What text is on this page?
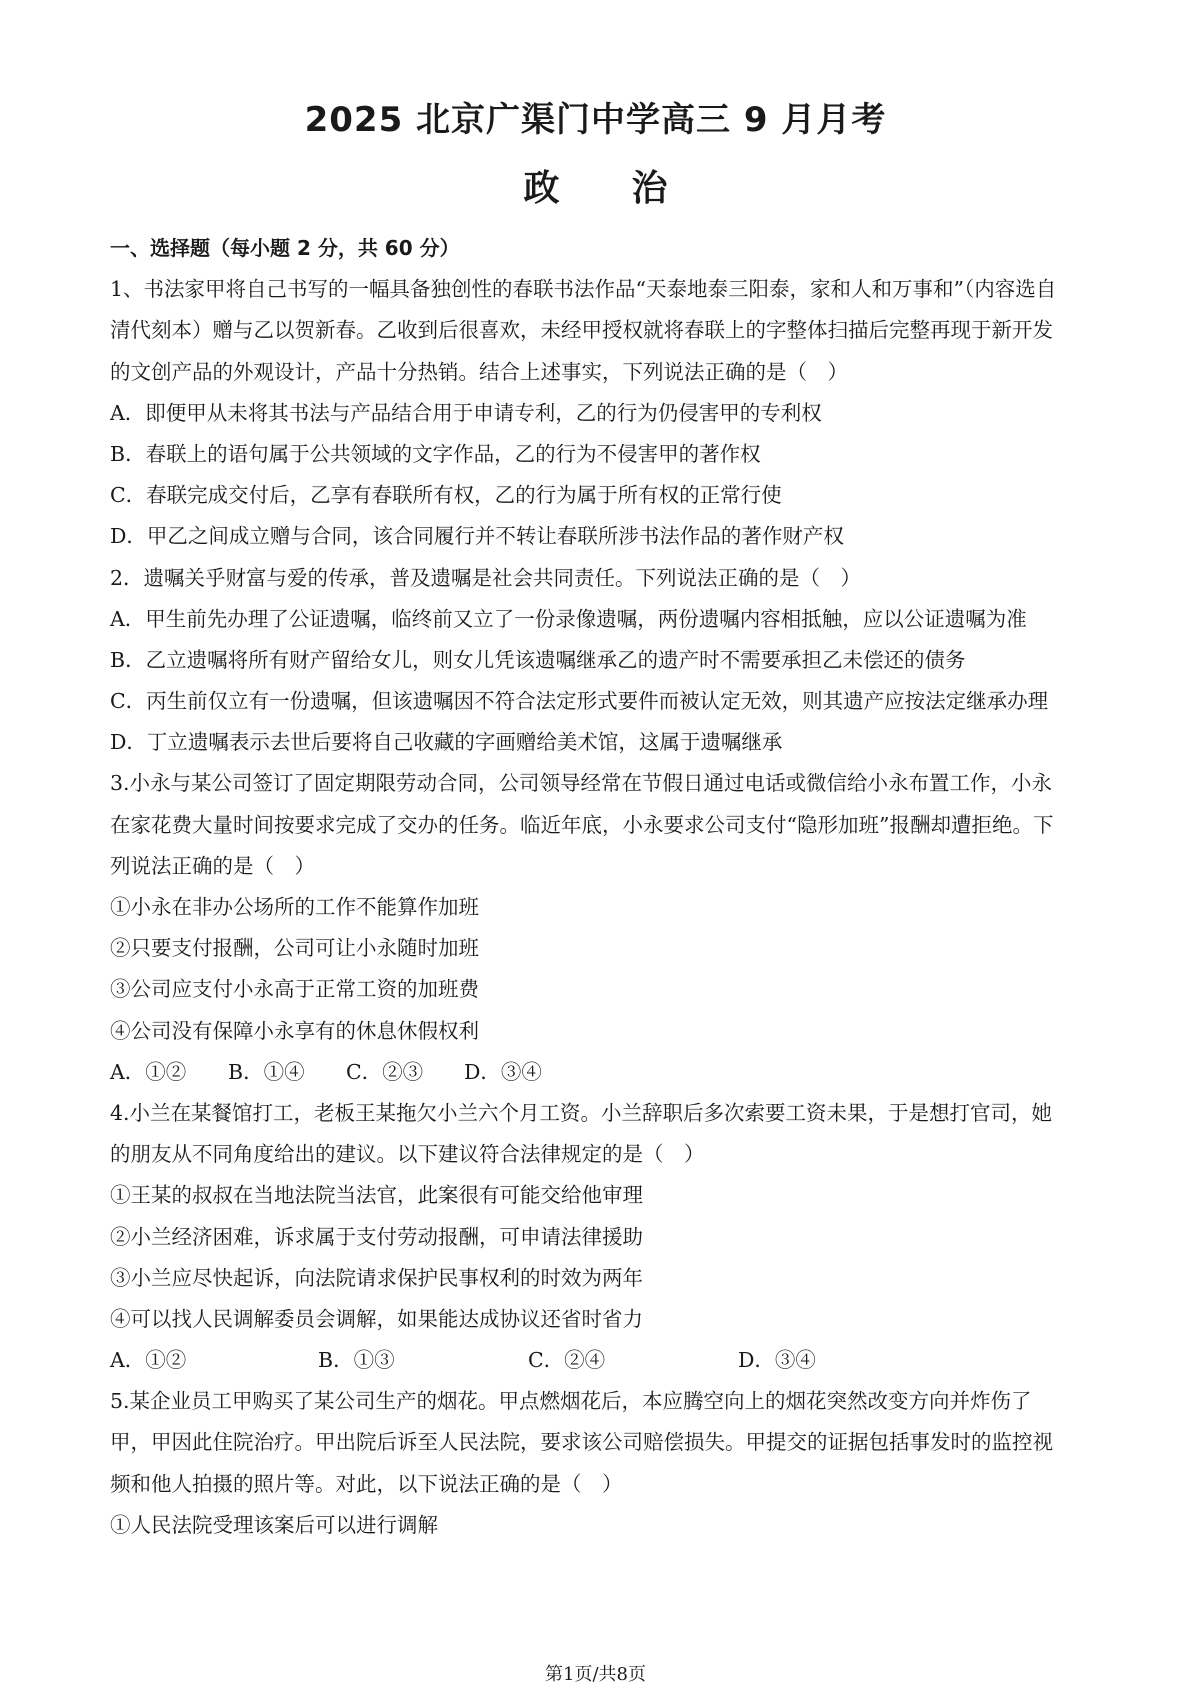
2025 北京广渠门中学高三 9 月月考
政　　治
一、选择题（每小题 2 分，共 60 分）
1、书法家甲将自己书写的一幅具备独创性的春联书法作品“天泰地泰三阳泰，家和人和万事和”（内容选自
清代刻本）赠与乙以贺新春。乙收到后很喜欢，未经甲授权就将春联上的字整体扫描后完整再现于新开发
的文创产品的外观设计，产品十分热销。结合上述事实，下列说法正确的是（　）
A．即便甲从未将其书法与产品结合用于申请专利，乙的行为仍侵害甲的专利权
B．春联上的语句属于公共领域的文字作品，乙的行为不侵害甲的著作权
C．春联完成交付后，乙享有春联所有权，乙的行为属于所有权的正常行使
D．甲乙之间成立赠与合同，该合同履行并不转让春联所涉书法作品的著作财产权
2．遗嘱关乎财富与爱的传承，普及遗嘱是社会共同责任。下列说法正确的是（　）
A．甲生前先办理了公证遗嘱，临终前又立了一份录像遗嘱，两份遗嘱内容相抵触，应以公证遗嘱为准
B．乙立遗嘱将所有财产留给女儿，则女儿凭该遗嘱继承乙的遗产时不需要承担乙未偿还的债务
C．丙生前仅立有一份遗嘱，但该遗嘱因不符合法定形式要件而被认定无效，则其遗产应按法定继承办理
D．丁立遗嘱表示去世后要将自己收藏的字画赠给美术馆，这属于遗嘱继承
3.小永与某公司签订了固定期限劳动合同，公司领导经常在节假日通过电话或微信给小永布置工作，小永
在家花费大量时间按要求完成了交办的任务。临近年底，小永要求公司支付“隐形加班”报酬却遭拒绝。下
列说法正确的是（　）
①小永在非办公场所的工作不能算作加班
②只要支付报酬，公司可让小永随时加班
③公司应支付小永高于正常工资的加班费
④公司没有保障小永享有的休息休假权利

A．①②

B．①④

C．②③

D．③④

4.小兰在某餐馆打工，老板王某拖欠小兰六个月工资。小兰辞职后多次索要工资未果，于是想打官司，她
的朋友从不同角度给出的建议。以下建议符合法律规定的是（　）
①王某的叔叔在当地法院当法官，此案很有可能交给他审理
②小兰经济困难，诉求属于支付劳动报酬，可申请法律援助
③小兰应尽快起诉，向法院请求保护民事权利的时效为两年
④可以找人民调解委员会调解，如果能达成协议还省时省力

A．①②

	B．①③

	C．②④

	D．③④

5.某企业员工甲购买了某公司生产的烟花。甲点燃烟花后，本应腾空向上的烟花突然改变方向并炸伤了
甲，甲因此住院治疗。甲出院后诉至人民法院，要求该公司赔偿损失。甲提交的证据包括事发时的监控视
频和他人拍摄的照片等。对此，以下说法正确的是（　）
①人民法院受理该案后可以进行调解
第1页/共8页
